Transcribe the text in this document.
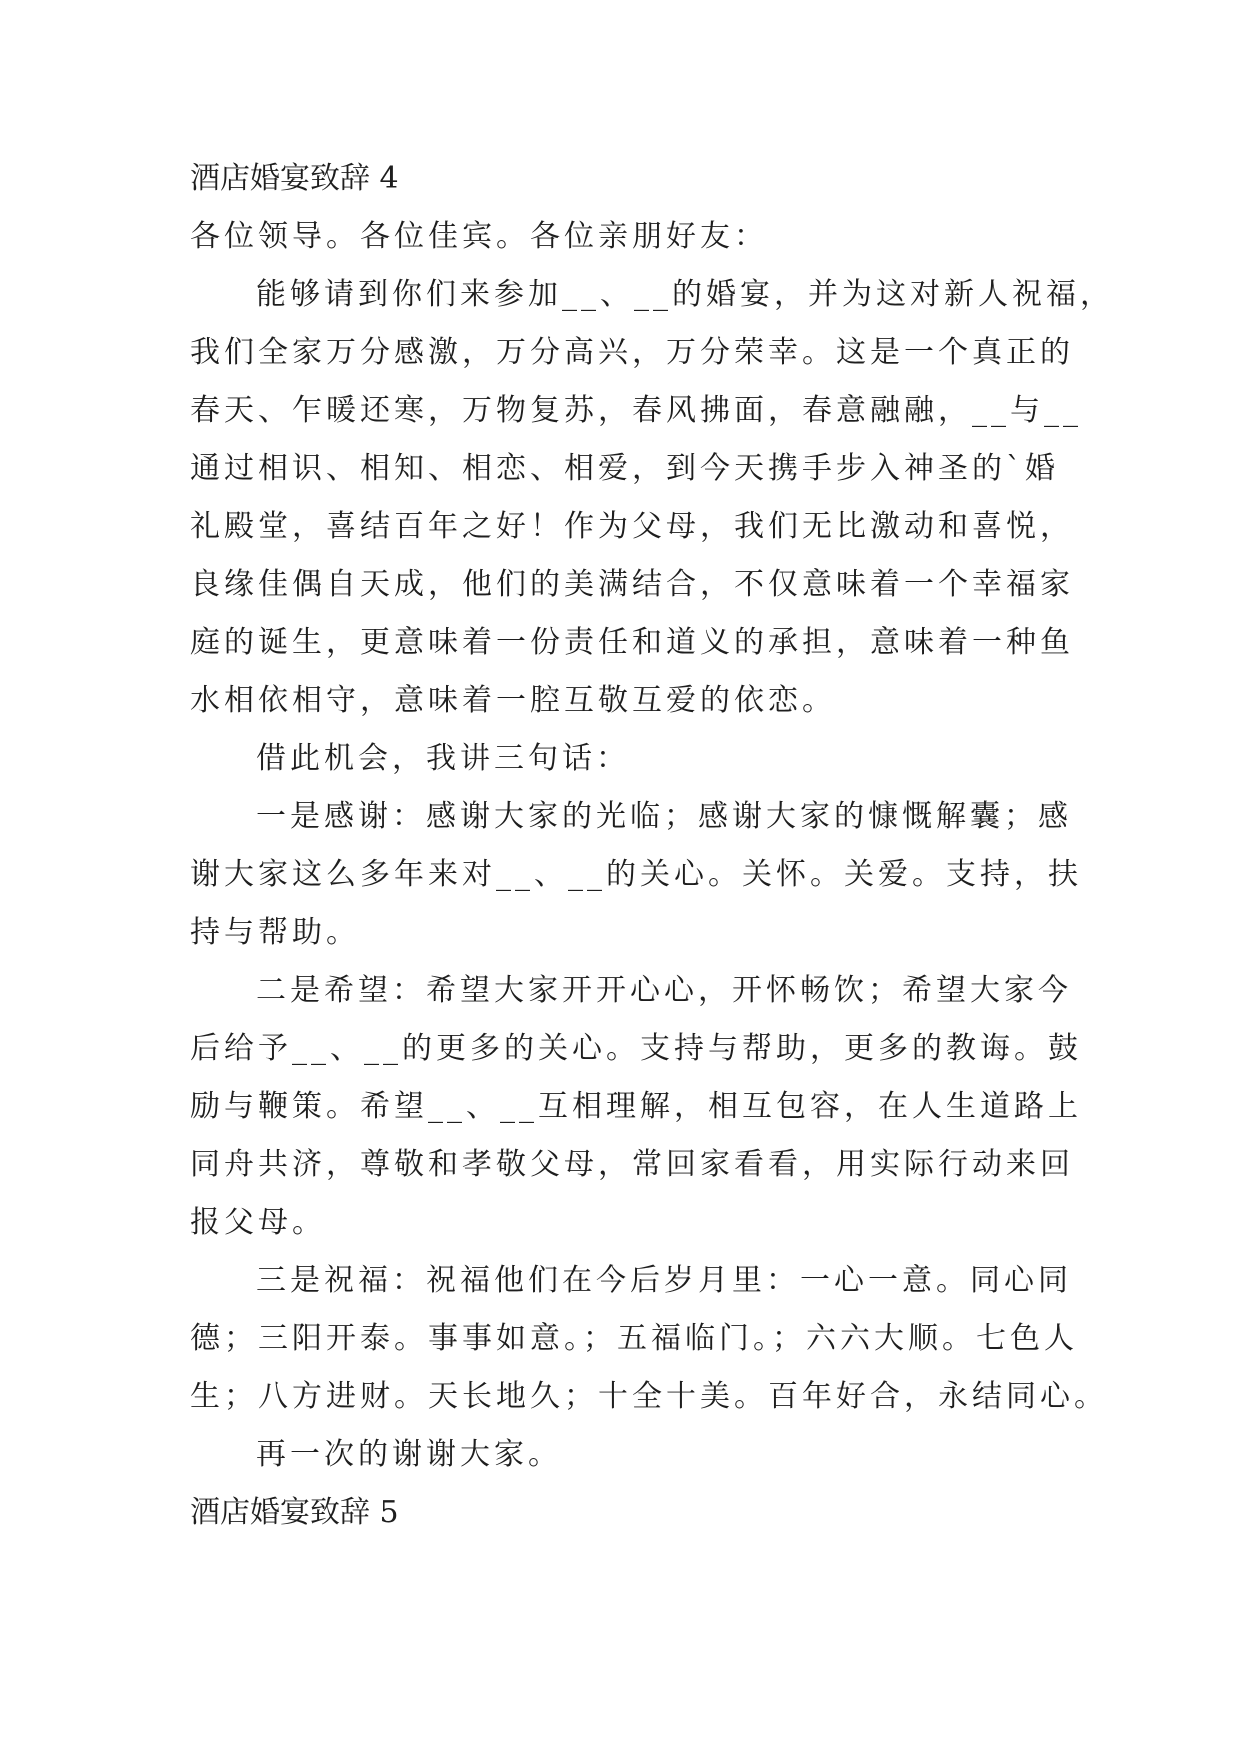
酒店婚宴致辞 4
各位领导。各位佳宾。各位亲朋好友：
能够请到你们来参加__、__的婚宴，并为这对新人祝福，
我们全家万分感激，万分高兴，万分荣幸。这是一个真正的
春天、乍暖还寒，万物复苏，春风拂面，春意融融，__与__
通过相识、相知、相恋、相爱，到今天携手步入神圣的`婚
礼殿堂，喜结百年之好！作为父母，我们无比激动和喜悦，
良缘佳偶自天成，他们的美满结合，不仅意味着一个幸福家
庭的诞生，更意味着一份责任和道义的承担，意味着一种鱼
水相依相守，意味着一腔互敬互爱的依恋。
借此机会，我讲三句话：
一是感谢：感谢大家的光临；感谢大家的慷慨解囊；感
谢大家这么多年来对__、__的关心。关怀。关爱。支持，扶
持与帮助。
二是希望：希望大家开开心心，开怀畅饮；希望大家今
后给予__、__的更多的关心。支持与帮助，更多的教诲。鼓
励与鞭策。希望__、__互相理解，相互包容，在人生道路上
同舟共济，尊敬和孝敬父母，常回家看看，用实际行动来回
报父母。
三是祝福：祝福他们在今后岁月里：一心一意。同心同
德；三阳开泰。事事如意。；五福临门。；六六大顺。七色人
生；八方进财。天长地久；十全十美。百年好合，永结同心。
再一次的谢谢大家。
酒店婚宴致辞 5
